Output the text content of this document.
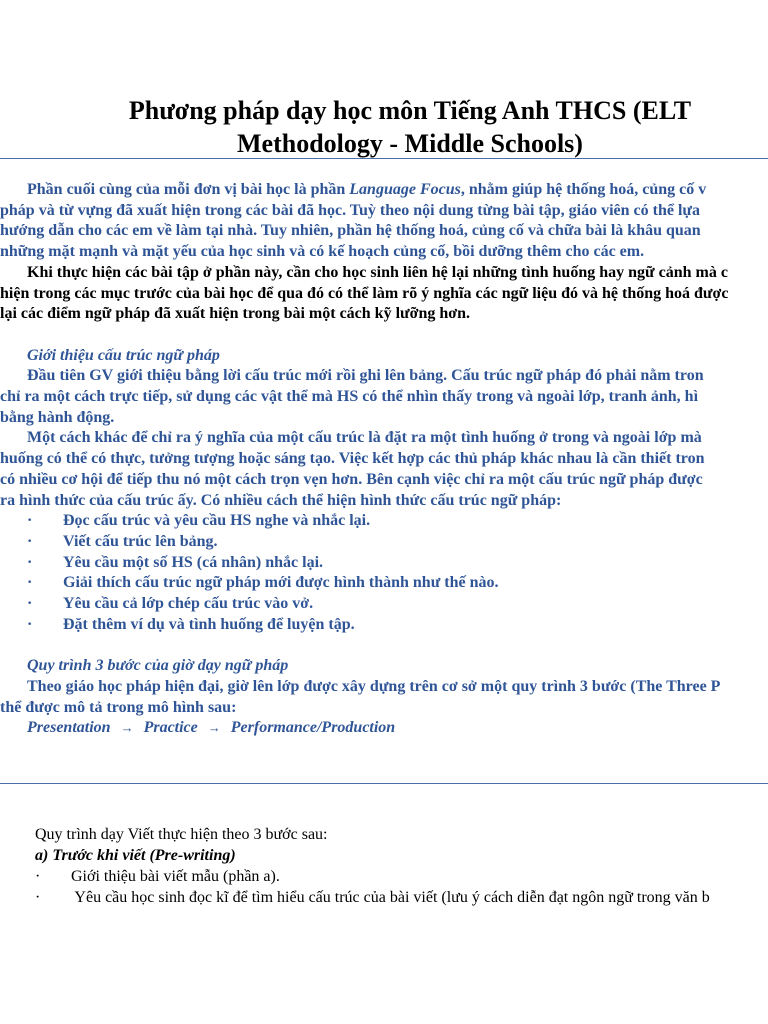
Phương pháp dạy học môn Tiếng Anh THCS (ELT
Methodology - Middle Schools)

Phần cuối cùng của mỗi đơn vị bài học là phần Language Focus, nhằm giúp hệ thống hoá, củng cố v

pháp và từ vựng đã xuất hiện trong các bài đã học. Tuỳ theo nội dung từng bài tập, giáo viên có thể lựa

hướng dẫn cho các em về làm tại nhà. Tuy nhiên, phần hệ thống hoá, củng cố và chữa bài là khâu quan

những mặt mạnh và mặt yếu của học sinh và có kế hoạch củng cố, bồi dưỡng thêm cho các em.

Khi thực hiện các bài tập ở phần này, cần cho học sinh liên hệ lại những tình huống hay ngữ cảnh mà c

hiện trong các mục trước của bài học để qua đó có thể làm rõ ý nghĩa các ngữ liệu đó và hệ thống hoá được

lại các điểm ngữ pháp đã xuất hiện trong bài một cách kỹ lưỡng hơn.

Giới thiệu cấu trúc ngữ pháp

Đầu tiên GV giới thiệu bằng lời cấu trúc mới rồi ghi lên bảng. Cấu trúc ngữ pháp đó phải nằm tron

chỉ ra một cách trực tiếp, sử dụng các vật thể mà HS có thể nhìn thấy trong và ngoài lớp, tranh ảnh, hì

bằng hành động.

Một cách khác để chỉ ra ý nghĩa của một cấu trúc là đặt ra một tình huống ở trong và ngoài lớp mà

huống có thể có thực, tưởng tượng hoặc sáng tạo. Việc kết hợp các thủ pháp khác nhau là cần thiết tron

có nhiều cơ hội để tiếp thu nó một cách trọn vẹn hơn. Bên cạnh việc chỉ ra một cấu trúc ngữ pháp được

ra hình thức của cấu trúc ấy. Có nhiều cách thể hiện hình thức cấu trúc ngữ pháp:

· Đọc cấu trúc và yêu cầu HS nghe và nhắc lại.

· Viết cấu trúc lên bảng.

· Yêu cầu một số HS (cá nhân) nhắc lại.

· Giải thích cấu trúc ngữ pháp mới được hình thành như thế nào.

· Yêu cầu cả lớp chép cấu trúc vào vở.

· Đặt thêm ví dụ và tình huống để luyện tập.

Quy trình 3 bước của giờ dạy ngữ pháp

Theo giáo học pháp hiện đại, giờ lên lớp được xây dựng trên cơ sở một quy trình 3 bước (The Three P

thể được mô tả trong mô hình sau:

Presentation → Practice → Performance/Production

Quy trình dạy Viết thực hiện theo 3 bước sau:

a) Trước khi viết (Pre-writing)

· Giới thiệu bài viết mẫu (phần a).

· Yêu cầu học sinh đọc kĩ để tìm hiểu cấu trúc của bài viết (lưu ý cách diễn đạt ngôn ngữ trong văn b
